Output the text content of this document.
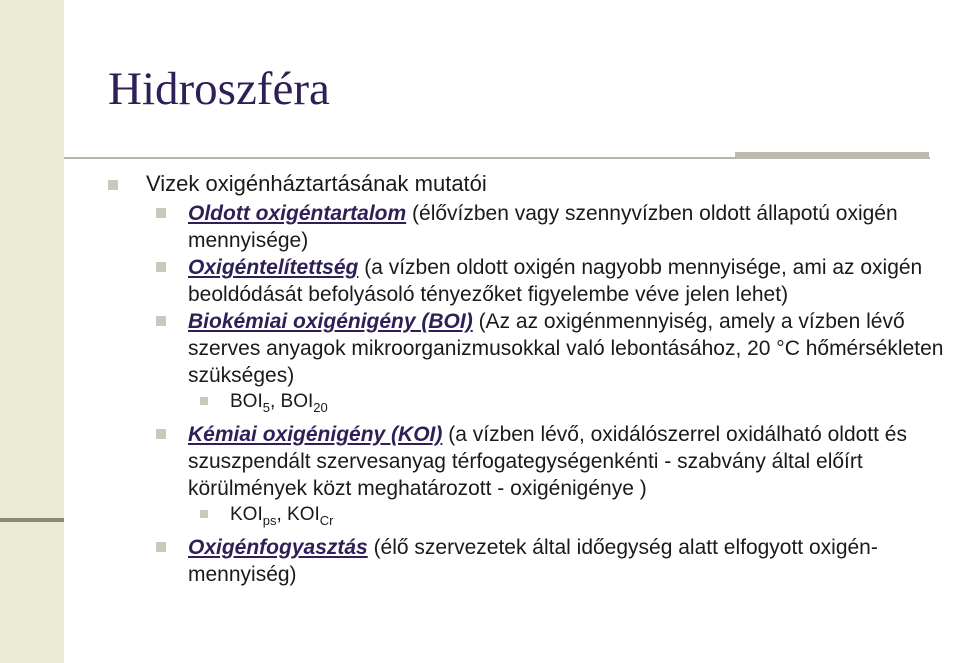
Hidroszféra
Vizek oxigénháztartásának mutatói
Oldott oxigéntartalom (élővízben vagy szennyvízben oldott állapotú oxigén mennyisége)
Oxigéntelítettség (a vízben oldott oxigén nagyobb mennyisége, ami az oxigén beoldódását befolyásoló tényezőket figyelembe véve jelen lehet)
Biokémiai oxigénigény (BOI) (Az az oxigénmennyiség, amely a vízben lévő szerves anyagok mikroorganizmusokkal való lebontásához, 20 °C hőmérsékleten szükséges)
$BOI_5$, $BOI_{20}$
Kémiai oxigénigény (KOI) (a vízben lévő, oxidálószerrel oxidálható oldott és szuszpendált szervesanyag térfogategységenkénti - szabvány által előírt körülmények közt meghatározott - oxigénigénye )
$KOI_{ps}$, $KOI_{Cr}$
Oxigénfogyasztás (élő szervezetek által időegység alatt elfogyott oxigén-mennyiség)
